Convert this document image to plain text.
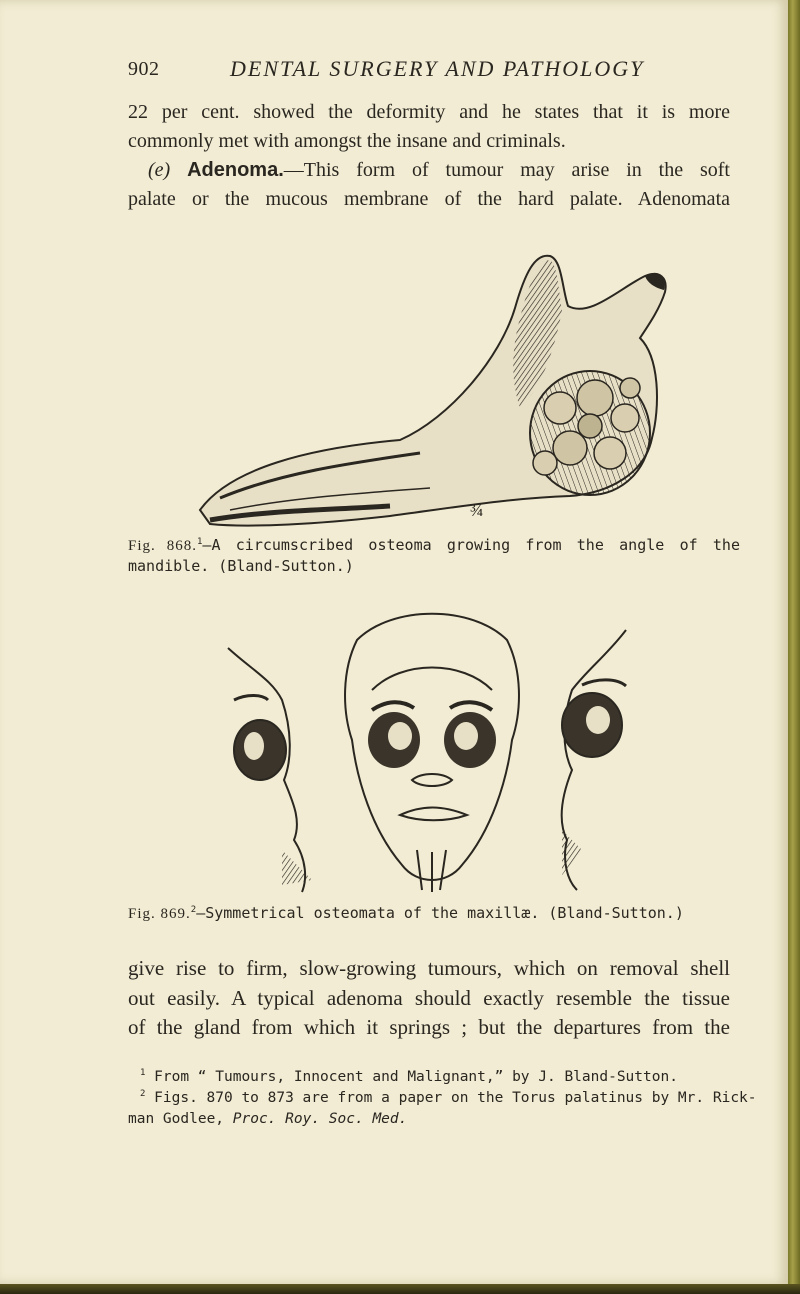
902	DENTAL SURGERY AND PATHOLOGY
22 per cent. showed the deformity and he states that it is more
commonly met with amongst the insane and criminals.
(e) Adenoma.—This form of tumour may arise in the soft
palate or the mucous membrane of the hard palate. Adenomata
¾
Fig. 868.$^1$—A circumscribed osteoma growing from the angle of the
mandible. (Bland-Sutton.)
Fig. 869.$^2$—Symmetrical osteomata of the maxillæ. (Bland-Sutton.)
give rise to firm, slow-growing tumours, which on removal shell
out easily. A typical adenoma should exactly resemble the tissue
of the gland from which it springs ; but the departures from the
$^1$ From “ Tumours, Innocent and Malignant,” by J. Bland-Sutton.
$^2$ Figs. 870 to 873 are from a paper on the Torus palatinus by Mr. Rick-
man Godlee, Proc. Roy. Soc. Med.
